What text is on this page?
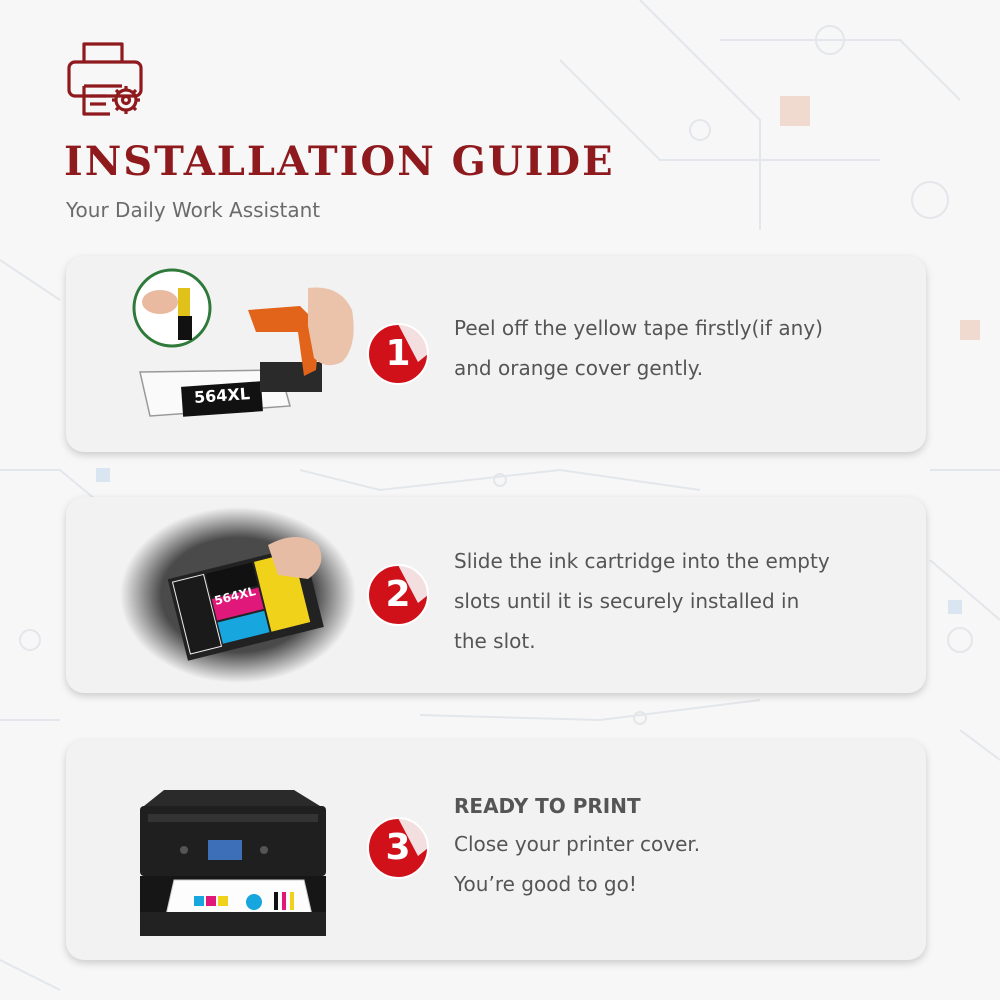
INSTALLATION GUIDE
Your Daily Work Assistant
564XL
1

Peel off the yellow tape firstly(if any)

and orange cover gently.

564XL	2

Slide the ink cartridge into the empty

slots until it is securely installed in

the slot.

3

READY TO PRINT

Close your printer cover.

You’re good to go!
